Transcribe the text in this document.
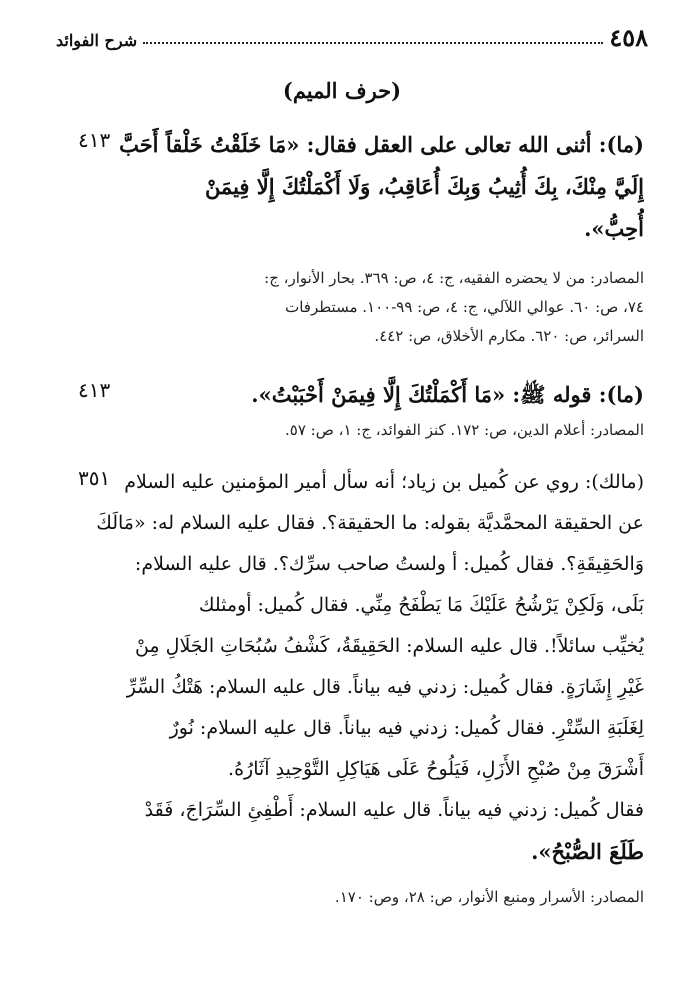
٤٥٨
شرح الفوائد
(حرف الميم)
٤١٣ (ما): أثنى الله تعالى على العقل فقال: «مَا خَلَقْتُ خَلْقاً أَحَبَّ
إِلَيَّ مِنْكَ، بِكَ أُثِيبُ وَبِكَ أُعَاقِبُ، وَلَا أَكْمَلْتُكَ إِلَّا فِيمَنْ
أُحِبُّ».
المصادر: من لا يحضره الفقيه، ج: ٤، ص: ٣٦٩. بحار الأنوار، ج:
٧٤، ص: ٦٠. عوالي اللآلي، ج: ٤، ص: ٩٩-١٠٠. مستطرفات
السرائر، ص: ٦٢٠. مكارم الأخلاق، ص: ٤٤٢.
٤١٣	(ما): قوله ﷺ: «مَا أَكْمَلْتُكَ إِلَّا فِيمَنْ أَحْبَبْتُ».
المصادر: أعلام الدين، ص: ١٧٢. كنز الفوائد، ج: ١، ص: ٥٧.
٣٥١ (مالك): روي عن كُميل بن زياد؛ أنه سأل أمير المؤمنين عليه السلام
عن الحقيقة المحمَّديَّة بقوله: ما الحقيقة؟. فقال عليه السلام له: «مَالَكَ
وَالحَقِيقَةِ؟. فقال كُميل: أ ولستُ صاحب سرِّك؟. قال عليه السلام:
بَلَى، وَلَكِنْ يَرْشُحُ عَلَيْكَ مَا يَطْفَحُ مِنِّي. فقال كُميل: أومثلك
يُخيِّب سائلاً!. قال عليه السلام: الحَقِيقَةُ، كَشْفُ سُبُحَاتِ الجَلَالِ مِنْ
غَيْرِ إِشَارَةٍ. فقال كُميل: زدني فيه بياناً. قال عليه السلام: هَتْكُ السِّرِّ
لِغَلَبَةِ السِّتْرِ. فقال كُميل: زدني فيه بياناً. قال عليه السلام: نُورٌ
أَشْرَقَ مِنْ صُبْحِ الأَزَلِ، فَيَلُوحُ عَلَى هَيَاكِلِ التَّوْحِيدِ آثَارُهُ.
فقال كُميل: زدني فيه بياناً. قال عليه السلام: أَطْفِئِ السِّرَاجَ، فَقَدْ
طَلَعَ الصُّبْحُ».
المصادر: الأسرار ومنبع الأنوار، ص: ٢٨، وص: ١٧٠.
